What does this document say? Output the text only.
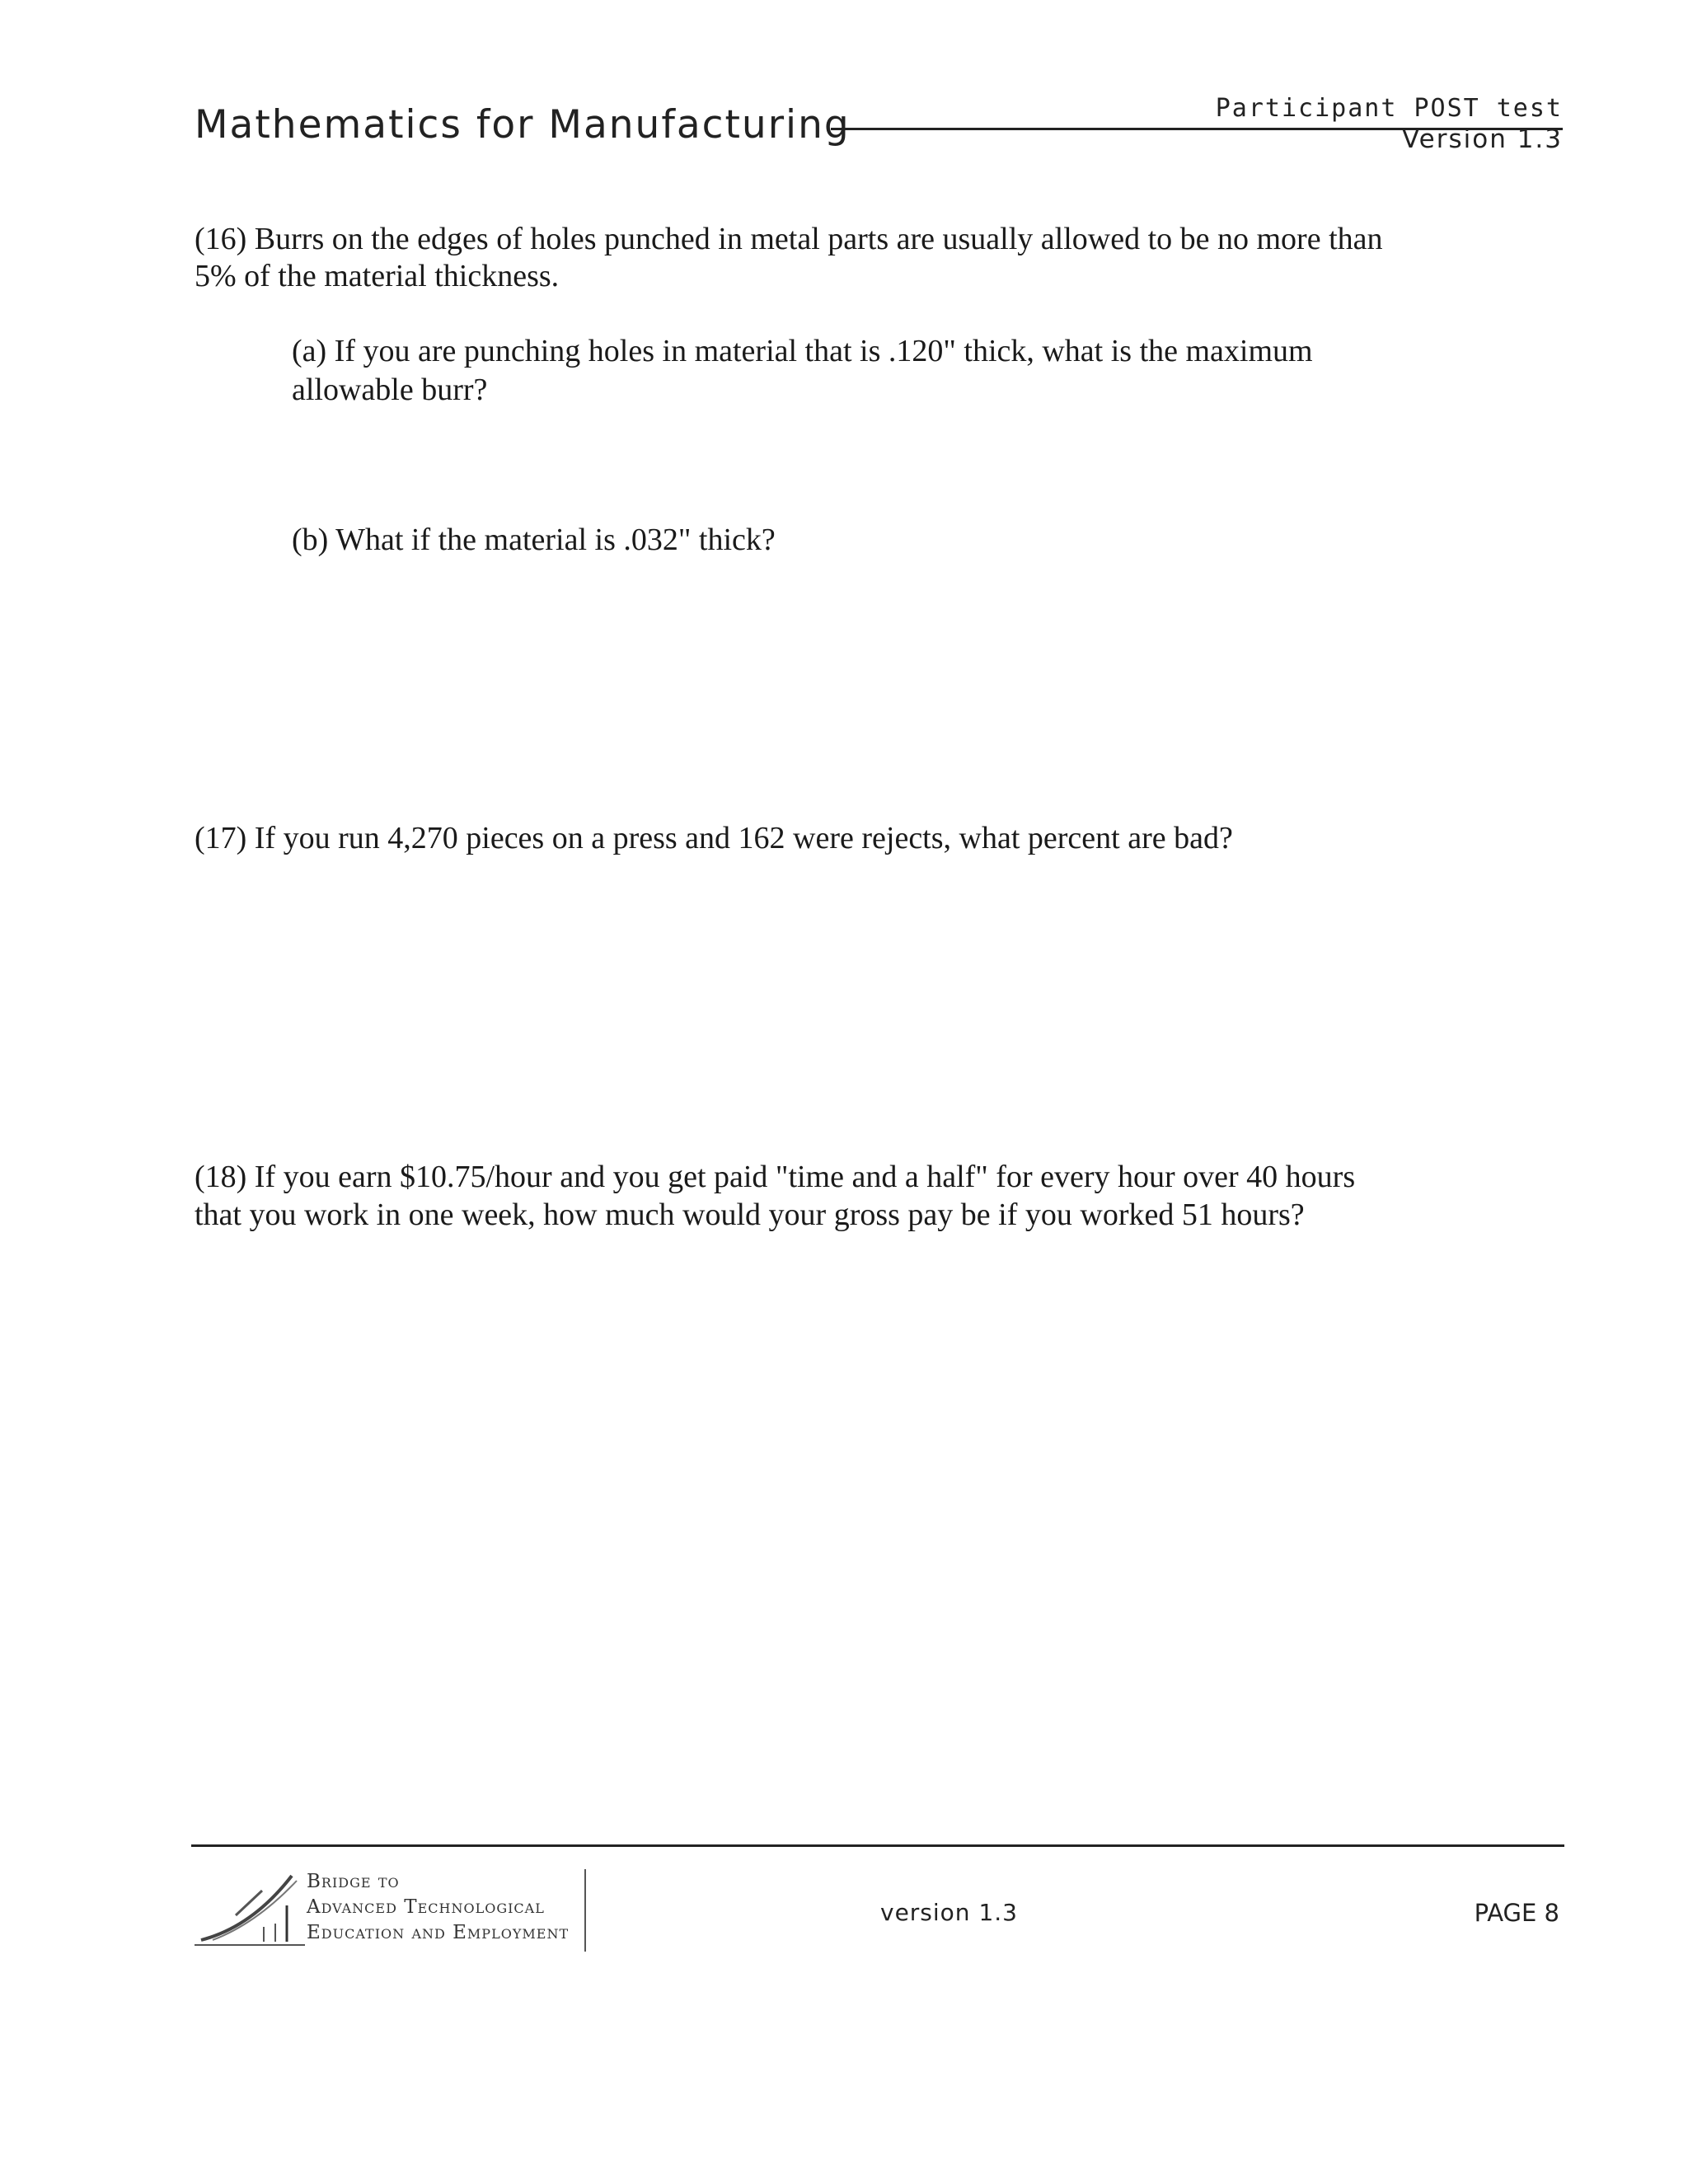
Mathematics for Manufacturing	Participant POST test
Version 1.3
(16) Burrs on the edges of holes punched in metal parts are usually allowed to be no more than
5% of the material thickness.
(a) If you are punching holes in material that is .120" thick, what is the maximum
allowable burr?
(b) What if the material is .032" thick?
(17) If you run 4,270 pieces on a press and 162 were rejects, what percent are bad?
(18) If you earn $10.75/hour and you get paid "time and a half" for every hour over 40 hours
that you work in one week, how much would your gross pay be if you worked 51 hours?
Bridge to
Advanced Technological
Education and Employment
version 1.3	PAGE 8
